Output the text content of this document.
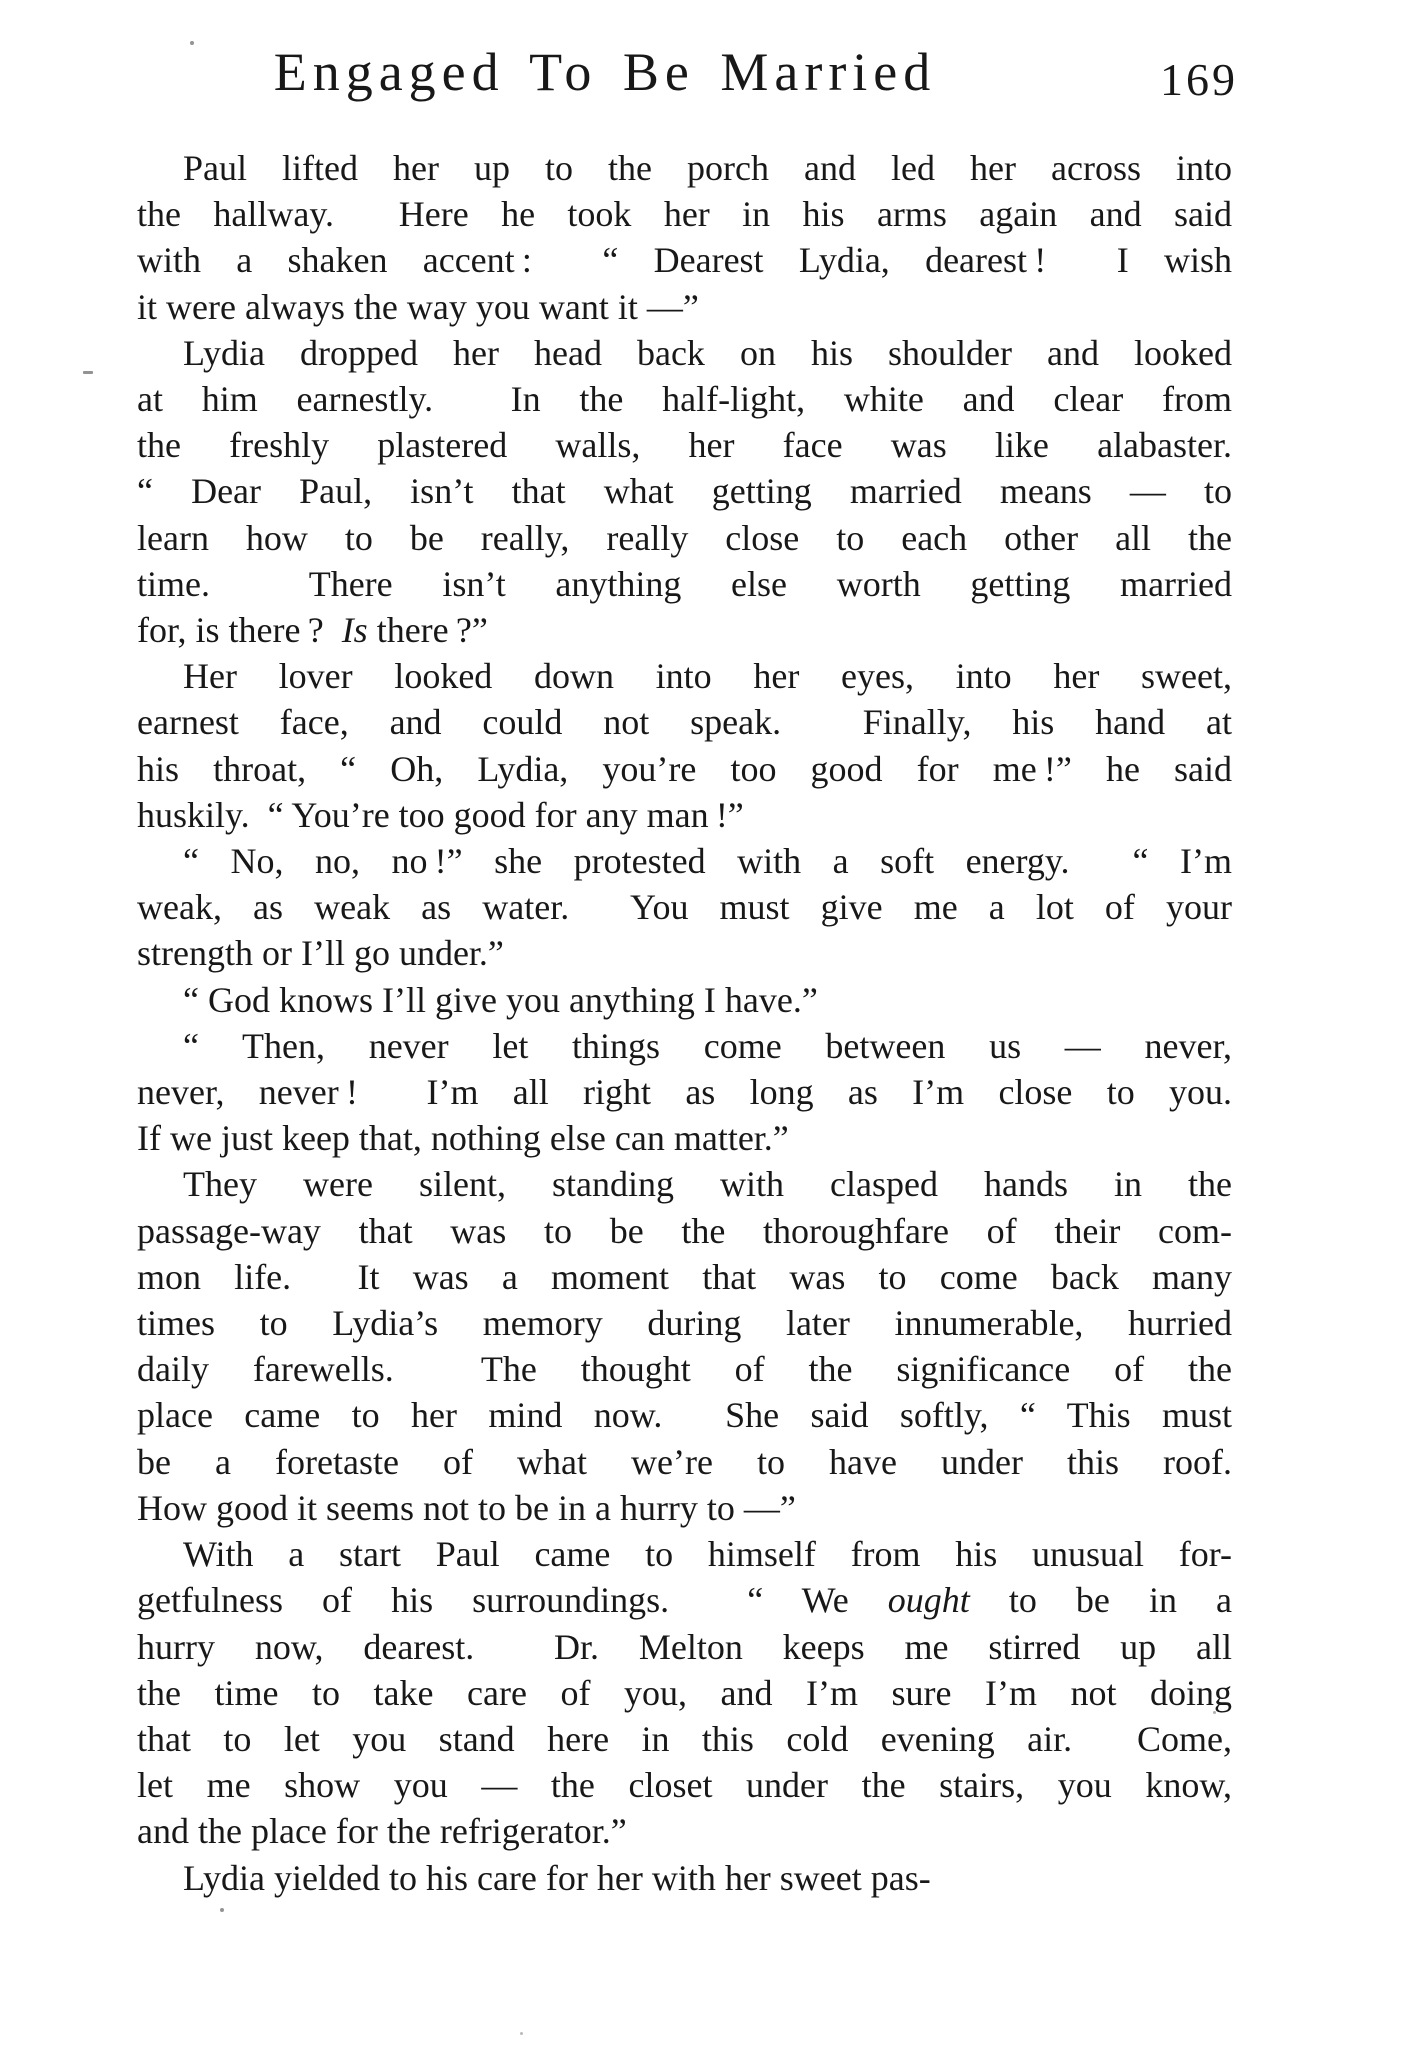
Engaged To Be Married	169
Paul lifted her up to the porch and led her across into
the hallway.  Here he took her in his arms again and said
with a shaken accent :  “ Dearest Lydia, dearest !  I wish
it were always the way you want it —”
Lydia dropped her head back on his shoulder and looked
at him earnestly.  In the half-light, white and clear from
the freshly plastered walls, her face was like alabaster.
“ Dear Paul, isn’t that what getting married means — to
learn how to be really, really close to each other all the
time.  There isn’t anything else worth getting married
for, is there ?  Is there ?”
Her lover looked down into her eyes, into her sweet,
earnest face, and could not speak.  Finally, his hand at
his throat, “ Oh, Lydia, you’re too good for me !” he said
huskily.  “ You’re too good for any man !”
“ No, no, no !” she protested with a soft energy.  “ I’m
weak, as weak as water.  You must give me a lot of your
strength or I’ll go under.”
“ God knows I’ll give you anything I have.”
“ Then, never let things come between us — never,
never, never !  I’m all right as long as I’m close to you.
If we just keep that, nothing else can matter.”
They were silent, standing with clasped hands in the
passage-way that was to be the thoroughfare of their com-
mon life.  It was a moment that was to come back many
times to Lydia’s memory during later innumerable, hurried
daily farewells.  The thought of the significance of the
place came to her mind now.  She said softly, “ This must
be a foretaste of what we’re to have under this roof.
How good it seems not to be in a hurry to —”
With a start Paul came to himself from his unusual for-
getfulness of his surroundings.  “ We ought to be in a
hurry now, dearest.  Dr. Melton keeps me stirred up all
the time to take care of you, and I’m sure I’m not doing
that to let you stand here in this cold evening air.  Come,
let me show you — the closet under the stairs, you know,
and the place for the refrigerator.”
Lydia yielded to his care for her with her sweet pas-
